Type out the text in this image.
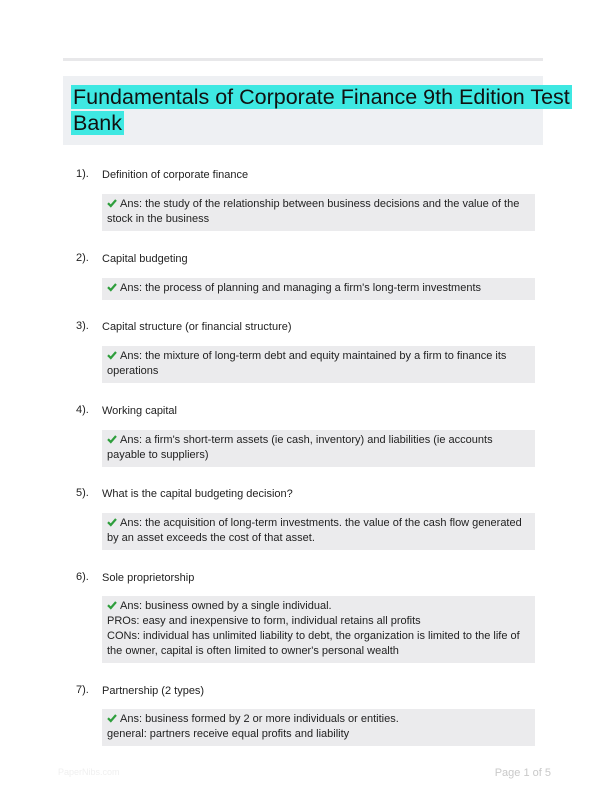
Fundamentals of Corporate Finance 9th Edition Test Bank
1). Definition of corporate finance
Ans: the study of the relationship between business decisions and the value of the stock in the business
2). Capital budgeting
Ans: the process of planning and managing a firm's long-term investments
3). Capital structure (or financial structure)
Ans: the mixture of long-term debt and equity maintained by a firm to finance its operations
4). Working capital
Ans: a firm's short-term assets (ie cash, inventory) and liabilities (ie accounts payable to suppliers)
5). What is the capital budgeting decision?
Ans: the acquisition of long-term investments. the value of the cash flow generated by an asset exceeds the cost of that asset.
6). Sole proprietorship
Ans: business owned by a single individual.
PROs: easy and inexpensive to form, individual retains all profits
CONs: individual has unlimited liability to debt, the organization is limited to the life of the owner, capital is often limited to owner's personal wealth
7). Partnership (2 types)
Ans: business formed by 2 or more individuals or entities.
general: partners receive equal profits and liability
PaperNibs.com	Page 1 of 5
